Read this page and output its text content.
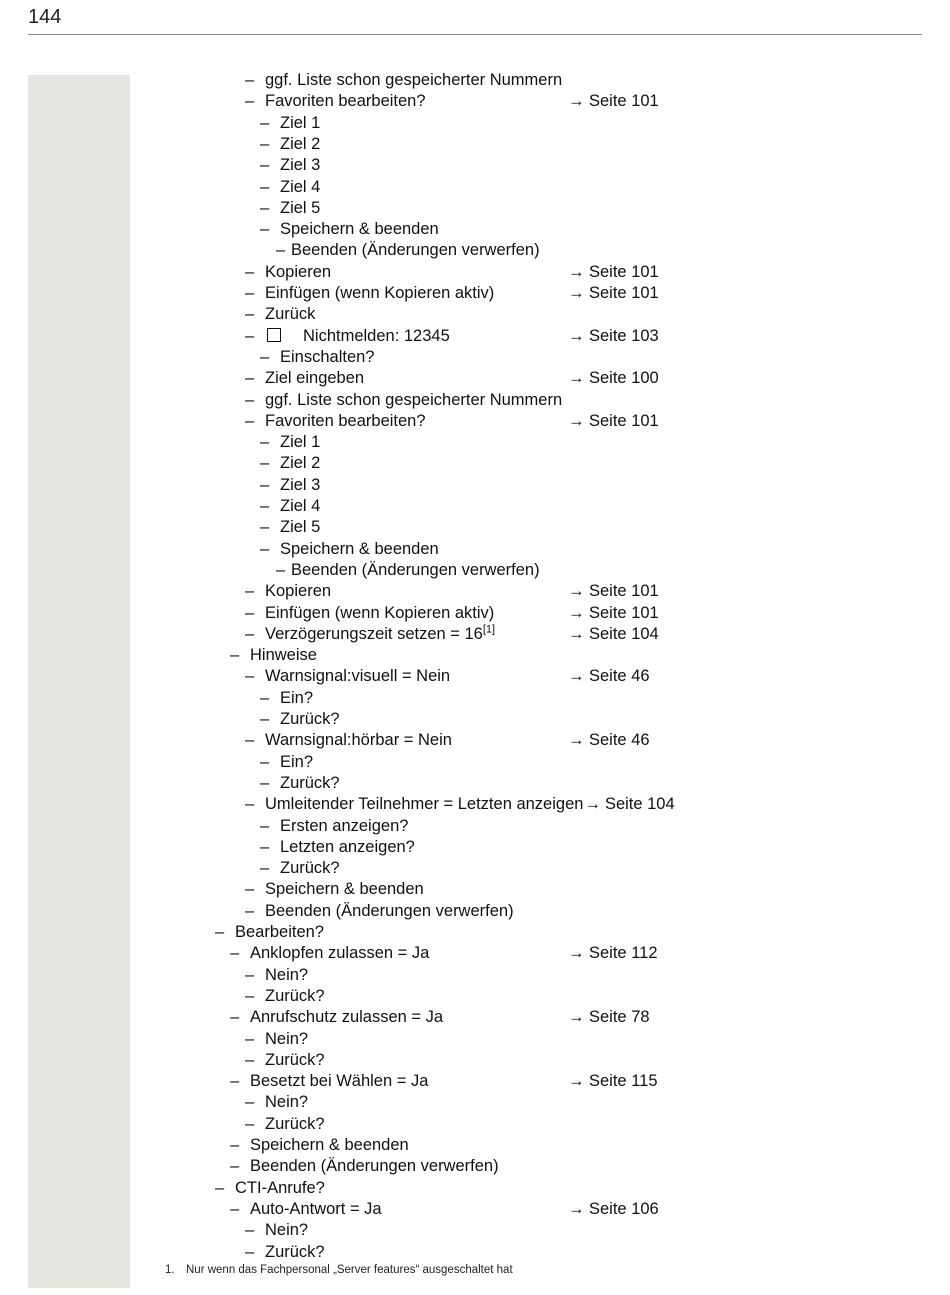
144
– ggf. Liste schon gespeicherter Nummern
– Favoriten bearbeiten?	→ Seite 101
– Ziel 1
– Ziel 2
– Ziel 3
– Ziel 4
– Ziel 5
– Speichern & beenden
– Beenden (Änderungen verwerfen)
– Kopieren	→ Seite 101
– Einfügen (wenn Kopieren aktiv)	→ Seite 101
– Zurück
–	Nichtmelden: 12345	→ Seite 103
– Einschalten?
– Ziel eingeben	→ Seite 100
– ggf. Liste schon gespeicherter Nummern
– Favoriten bearbeiten?	→ Seite 101
– Ziel 1
– Ziel 2
– Ziel 3
– Ziel 4
– Ziel 5
– Speichern & beenden
– Beenden (Änderungen verwerfen)
– Kopieren	→ Seite 101
– Einfügen (wenn Kopieren aktiv)	→ Seite 101
– Verzögerungszeit setzen = 16[1]	→ Seite 104
– Hinweise
– Warnsignal:visuell = Nein	→ Seite 46
– Ein?
– Zurück?
– Warnsignal:hörbar = Nein	→ Seite 46
– Ein?
– Zurück?
– Umleitender Teilnehmer = Letzten anzeigen→ Seite 104
– Ersten anzeigen?
– Letzten anzeigen?
– Zurück?
– Speichern & beenden
– Beenden (Änderungen verwerfen)
– Bearbeiten?
– Anklopfen zulassen = Ja	→ Seite 112
– Nein?
– Zurück?
– Anrufschutz zulassen = Ja	→ Seite 78
– Nein?
– Zurück?
– Besetzt bei Wählen = Ja	→ Seite 115
– Nein?
– Zurück?
– Speichern & beenden
– Beenden (Änderungen verwerfen)
– CTI-Anrufe?
– Auto-Antwort = Ja	→ Seite 106
– Nein?
– Zurück?
1. Nur wenn das Fachpersonal „Server features“ ausgeschaltet hat
